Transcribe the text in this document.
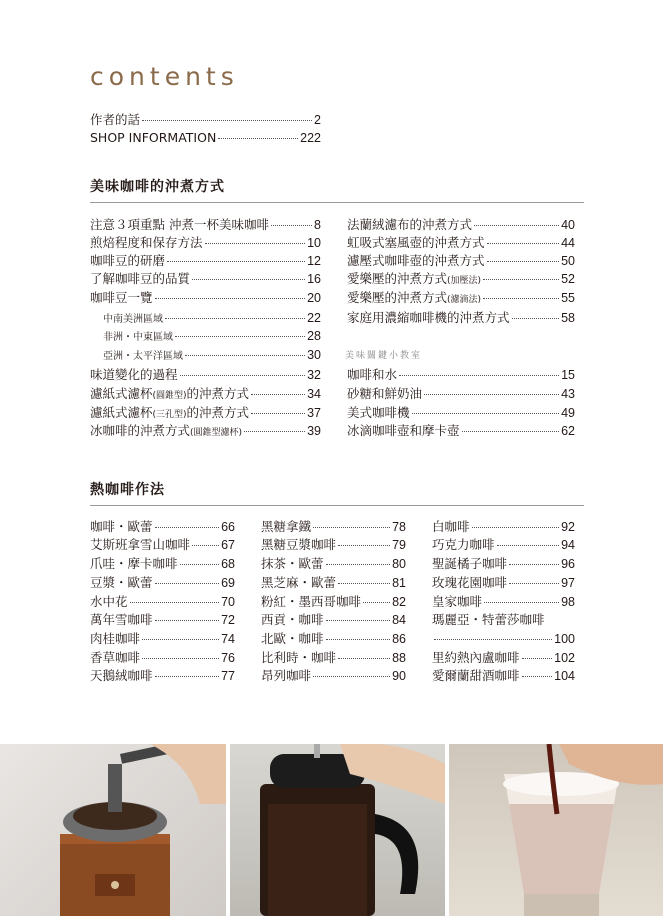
contents
作者的話	2
SHOP INFORMATION	222
美味咖啡的沖煮方式
注意３項重點 沖煮一杯美味咖啡	8
煎焙程度和保存方法	10
咖啡豆的研磨	12
了解咖啡豆的品質	16
咖啡豆一覽	20
中南美洲區域	22
非洲・中東區域	28
亞洲・太平洋區域	30
味道變化的過程	32
濾紙式濾杯(圓錐型)的沖煮方式	34
濾紙式濾杯(三孔型)的沖煮方式	37
冰咖啡的沖煮方式(圓錐型濾杯)	39
法蘭絨濾布的沖煮方式	40
虹吸式塞風壺的沖煮方式	44
濾壓式咖啡壺的沖煮方式	50
愛樂壓的沖煮方式(加壓法)	52
愛樂壓的沖煮方式(濾滴法)	55
家庭用濃縮咖啡機的沖煮方式	58
美味關鍵小教室
咖啡和水	15
砂糖和鮮奶油	43
美式咖啡機	49
冰滴咖啡壺和摩卡壺	62
熱咖啡作法
咖啡・歐蕾	66
艾斯班拿雪山咖啡 67
爪哇・摩卡咖啡	68
豆漿・歐蕾	69
水中花	70
萬年雪咖啡	72
肉桂咖啡	74
香草咖啡	76
天鵝絨咖啡	77
黑糖拿鐵	78
黑糖豆漿咖啡	79
抹茶・歐蕾	80
黑芝麻・歐蕾	81
粉紅・墨西哥咖啡 82
西貢・咖啡	84
北歐・咖啡	86
比利時・咖啡	88
昂列咖啡	90
白咖啡	92
巧克力咖啡	94
聖誕橘子咖啡	96
玫瑰花園咖啡	97
皇家咖啡	98
瑪麗亞・特蕾莎咖啡
100
里約熱內盧咖啡	102
愛爾蘭甜酒咖啡	104
